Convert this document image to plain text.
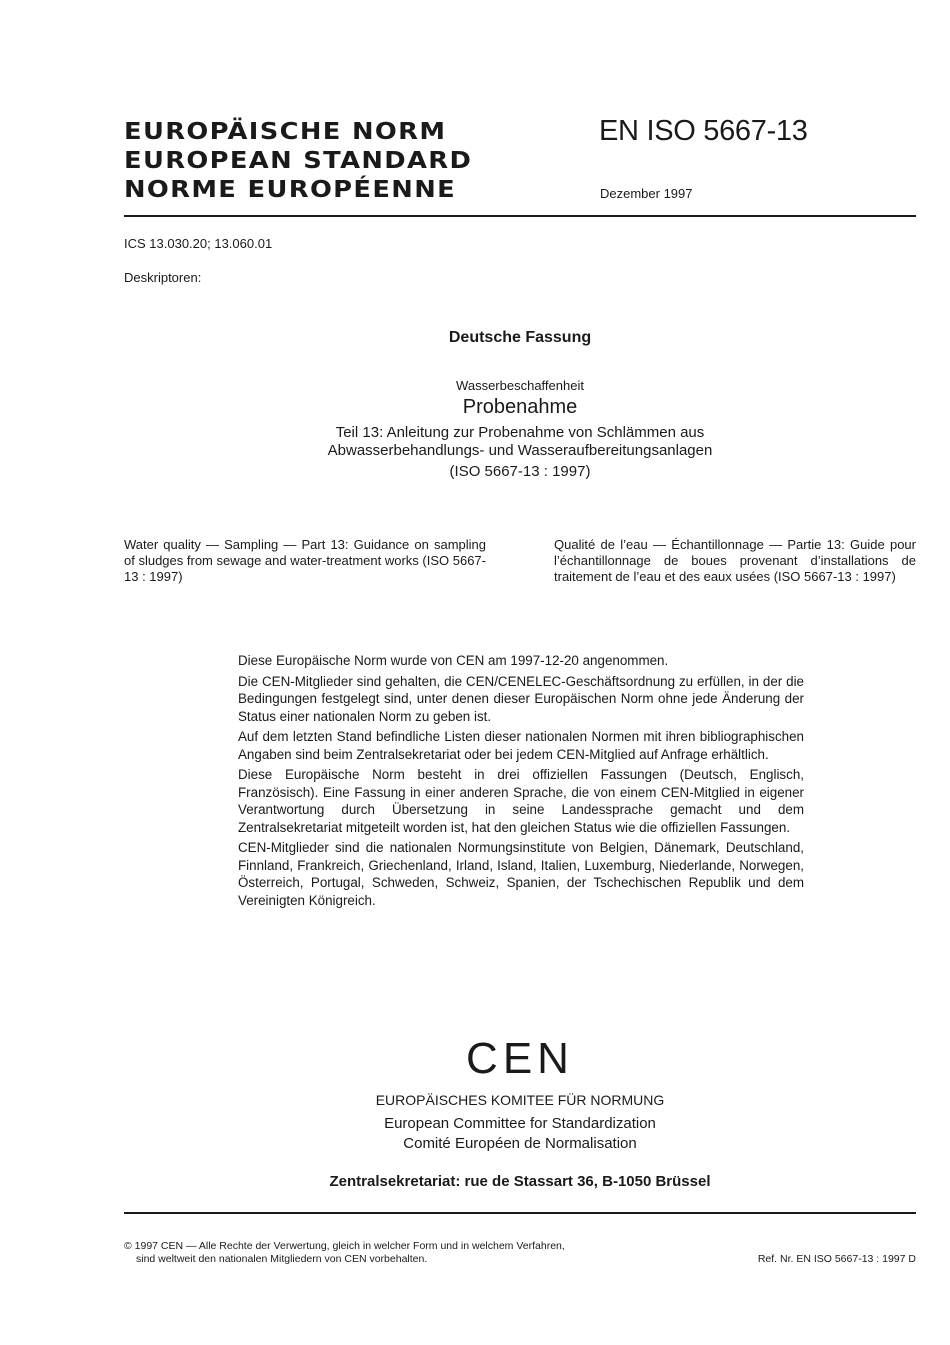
EUROPÄISCHE NORM
EUROPEAN STANDARD
NORME EUROPÉENNE
EN ISO 5667-13
Dezember 1997
ICS 13.030.20; 13.060.01
Deskriptoren:
Deutsche Fassung
Wasserbeschaffenheit
Probenahme
Teil 13: Anleitung zur Probenahme von Schlämmen aus
Abwasserbehandlungs- und Wasseraufbereitungsanlagen
(ISO 5667-13 : 1997)
Water quality — Sampling — Part 13: Guidance on sampling of sludges from sewage and water-treatment works (ISO 5667-13 : 1997)
Qualité de l’eau — Échantillonnage — Partie 13: Guide pour l’échantillonnage de boues provenant d’installations de traitement de l’eau et des eaux usées (ISO 5667-13 : 1997)

Diese Europäische Norm wurde von CEN am 1997-12-20 angenommen.

Die CEN-Mitglieder sind gehalten, die CEN/CENELEC-Geschäftsordnung zu erfüllen, in der die Bedingungen festgelegt sind, unter denen dieser Europäischen Norm ohne jede Änderung der Status einer nationalen Norm zu geben ist.

Auf dem letzten Stand befindliche Listen dieser nationalen Normen mit ihren bibliographischen Angaben sind beim Zentralsekretariat oder bei jedem CEN-Mitglied auf Anfrage erhältlich.

Diese Europäische Norm besteht in drei offiziellen Fassungen (Deutsch, Englisch, Französisch). Eine Fassung in einer anderen Sprache, die von einem CEN-Mitglied in eigener Verantwortung durch Übersetzung in seine Landessprache gemacht und dem Zentralsekretariat mitgeteilt worden ist, hat den gleichen Status wie die offiziellen Fassungen.

CEN-Mitglieder sind die nationalen Normungsinstitute von Belgien, Dänemark, Deutschland, Finnland, Frankreich, Griechenland, Irland, Island, Italien, Luxemburg, Niederlande, Norwegen, Österreich, Portugal, Schweden, Schweiz, Spanien, der Tschechischen Republik und dem Vereinigten Königreich.

CEN
EUROPÄISCHES KOMITEE FÜR NORMUNG
European Committee for Standardization
Comité Européen de Normalisation
Zentralsekretariat: rue de Stassart 36, B-1050 Brüssel
© 1997 CEN — Alle Rechte der Verwertung, gleich in welcher Form und in welchem Verfahren,
sind weltweit den nationalen Mitgliedern von CEN vorbehalten.	Ref. Nr. EN ISO 5667-13 : 1997 D
